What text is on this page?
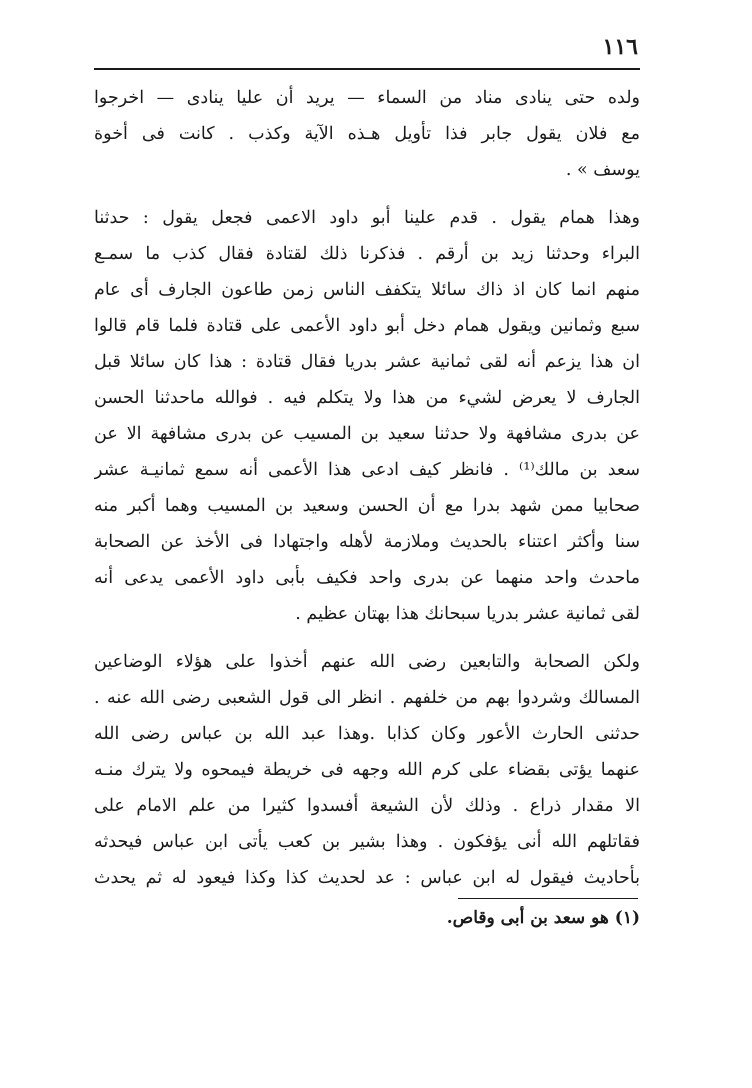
١١٦
ولده حتى ينادى مناد من السماء — يريد أن عليا ينادى — اخرجوا
مع فلان يقول جابر فذا تأويل هـذه الآية وكذب . كانت فى أخوة
يوسف » .
وهذا همام يقول . قدم علينا أبو داود الاعمى فجعل يقول : حدثنا
البراء وحدثنا زيد بن أرقم . فذكرنا ذلك لقتادة فقال كذب ما سمـع
منهم انما كان اذ ذاك سائلا يتكفف الناس زمن طاعون الجارف أى عام
سبع وثمانين ويقول همام دخل أبو داود الأعمى على قتادة فلما قام قالوا
ان هذا يزعم أنه لقى ثمانية عشر بدريا فقال قتادة : هذا كان سائلا قبل
الجارف لا يعرض لشيء من هذا ولا يتكلم فيه . فوالله ماحدثنا الحسن
عن بدرى مشافهة ولا حدثنا سعيد بن المسيب عن بدرى مشافهة الا عن
سعد بن مالك⁽¹⁾ . فانظر كيف ادعى هذا الأعمى أنه سمع ثمانيـة عشر
صحابيا ممن شهد بدرا مع أن الحسن وسعيد بن المسيب وهما أكبر منه
سنا وأكثر اعتناء بالحديث وملازمة لأهله واجتهادا فى الأخذ عن الصحابة
ماحدث واحد منهما عن بدرى واحد فكيف بأبى داود الأعمى يدعى أنه
لقى ثمانية عشر بدريا سبحانك هذا بهتان عظيم .
ولكن الصحابة والتابعين رضى الله عنهم أخذوا على هؤلاء الوضاعين
المسالك وشردوا بهم من خلفهم . انظر الى قول الشعبى رضى الله عنه .
حدثنى الحارث الأعور وكان كذابا .وهذا عبد الله بن عباس رضى الله
عنهما يؤتى بقضاء على كرم الله وجهه فى خريطة فيمحوه ولا يترك منـه
الا مقدار ذراع . وذلك لأن الشيعة أفسدوا كثيرا من علم الامام على
فقاتلهم الله أنى يؤفكون . وهذا بشير بن كعب يأتى ابن عباس فيحدثه
بأحاديث فيقول له ابن عباس : عد لحديث كذا وكذا فيعود له ثم يحدث
(١) هو سعد بن أبى وقاص.
